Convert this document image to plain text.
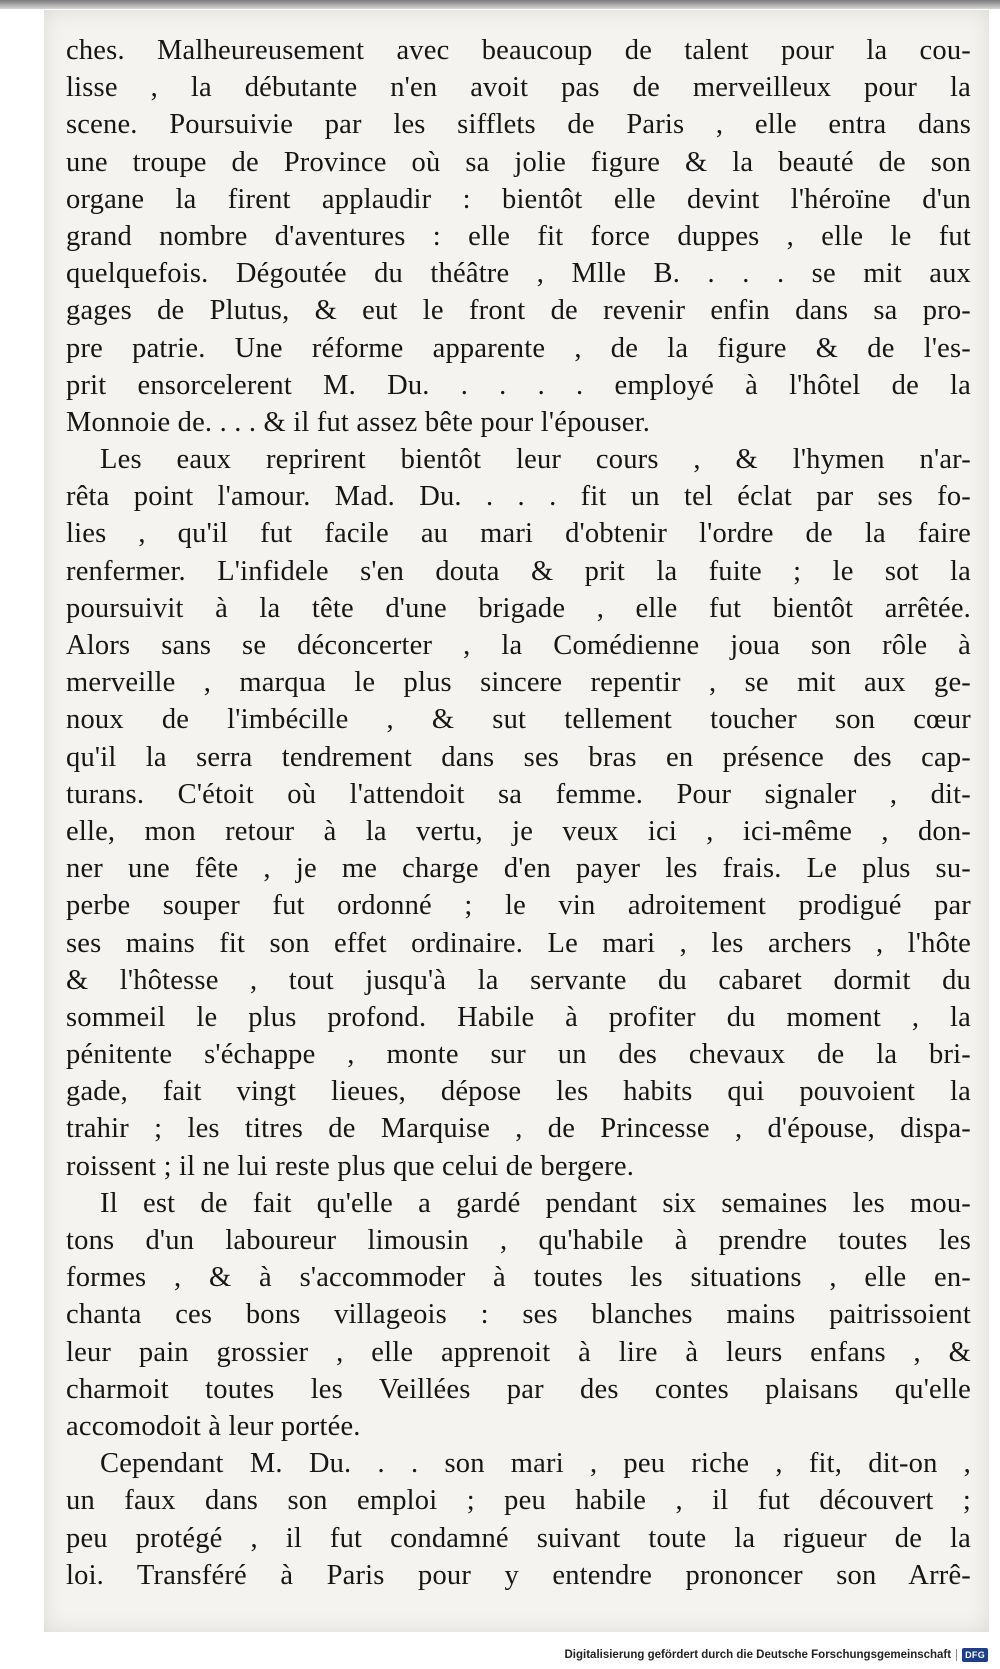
ches. Malheureusement avec beaucoup de talent pour la cou-
lisse , la débutante n'en avoit pas de merveilleux pour la
scene. Poursuivie par les sifflets de Paris , elle entra dans
une troupe de Province où sa jolie figure & la beauté de son
organe la firent applaudir : bientôt elle devint l'héroïne d'un
grand nombre d'aventures : elle fit force duppes , elle le fut
quelquefois. Dégoutée du théâtre , Mlle B. . . . se mit aux
gages de Plutus, & eut le front de revenir enfin dans sa pro-
pre patrie. Une réforme apparente , de la figure & de l'es-
prit ensorcelerent M. Du. . . . . employé à l'hôtel de la
Monnoie de. . . . & il fut assez bête pour l'épouser.
Les eaux reprirent bientôt leur cours , & l'hymen n'ar-
rêta point l'amour. Mad. Du. . . . fit un tel éclat par ses fo-
lies , qu'il fut facile au mari d'obtenir l'ordre de la faire
renfermer. L'infidele s'en douta & prit la fuite ; le sot la
poursuivit à la tête d'une brigade , elle fut bientôt arrêtée.
Alors sans se déconcerter , la Comédienne joua son rôle à
merveille , marqua le plus sincere repentir , se mit aux ge-
noux de l'imbécille , & sut tellement toucher son cœur
qu'il la serra tendrement dans ses bras en présence des cap-
turans. C'étoit où l'attendoit sa femme. Pour signaler , dit-
elle, mon retour à la vertu, je veux ici , ici-même , don-
ner une fête , je me charge d'en payer les frais. Le plus su-
perbe souper fut ordonné ; le vin adroitement prodigué par
ses mains fit son effet ordinaire. Le mari , les archers , l'hôte
& l'hôtesse , tout jusqu'à la servante du cabaret dormit du
sommeil le plus profond. Habile à profiter du moment , la
pénitente s'échappe , monte sur un des chevaux de la bri-
gade, fait vingt lieues, dépose les habits qui pouvoient la
trahir ; les titres de Marquise , de Princesse , d'épouse, dispa-
roissent ; il ne lui reste plus que celui de bergere.
Il est de fait qu'elle a gardé pendant six semaines les mou-
tons d'un laboureur limousin , qu'habile à prendre toutes les
formes , & à s'accommoder à toutes les situations , elle en-
chanta ces bons villageois : ses blanches mains paitrissoient
leur pain grossier , elle apprenoit à lire à leurs enfans , &
charmoit toutes les Veillées par des contes plaisans qu'elle
accomodoit à leur portée.
Cependant M. Du. . . son mari , peu riche , fit, dit-on ,
un faux dans son emploi ; peu habile , il fut découvert ;
peu protégé , il fut condamné suivant toute la rigueur de la
loi. Transféré à Paris pour y entendre prononcer son Arrê-
Digitalisierung gefördert durch die Deutsche Forschungsgemeinschaft	DFG
